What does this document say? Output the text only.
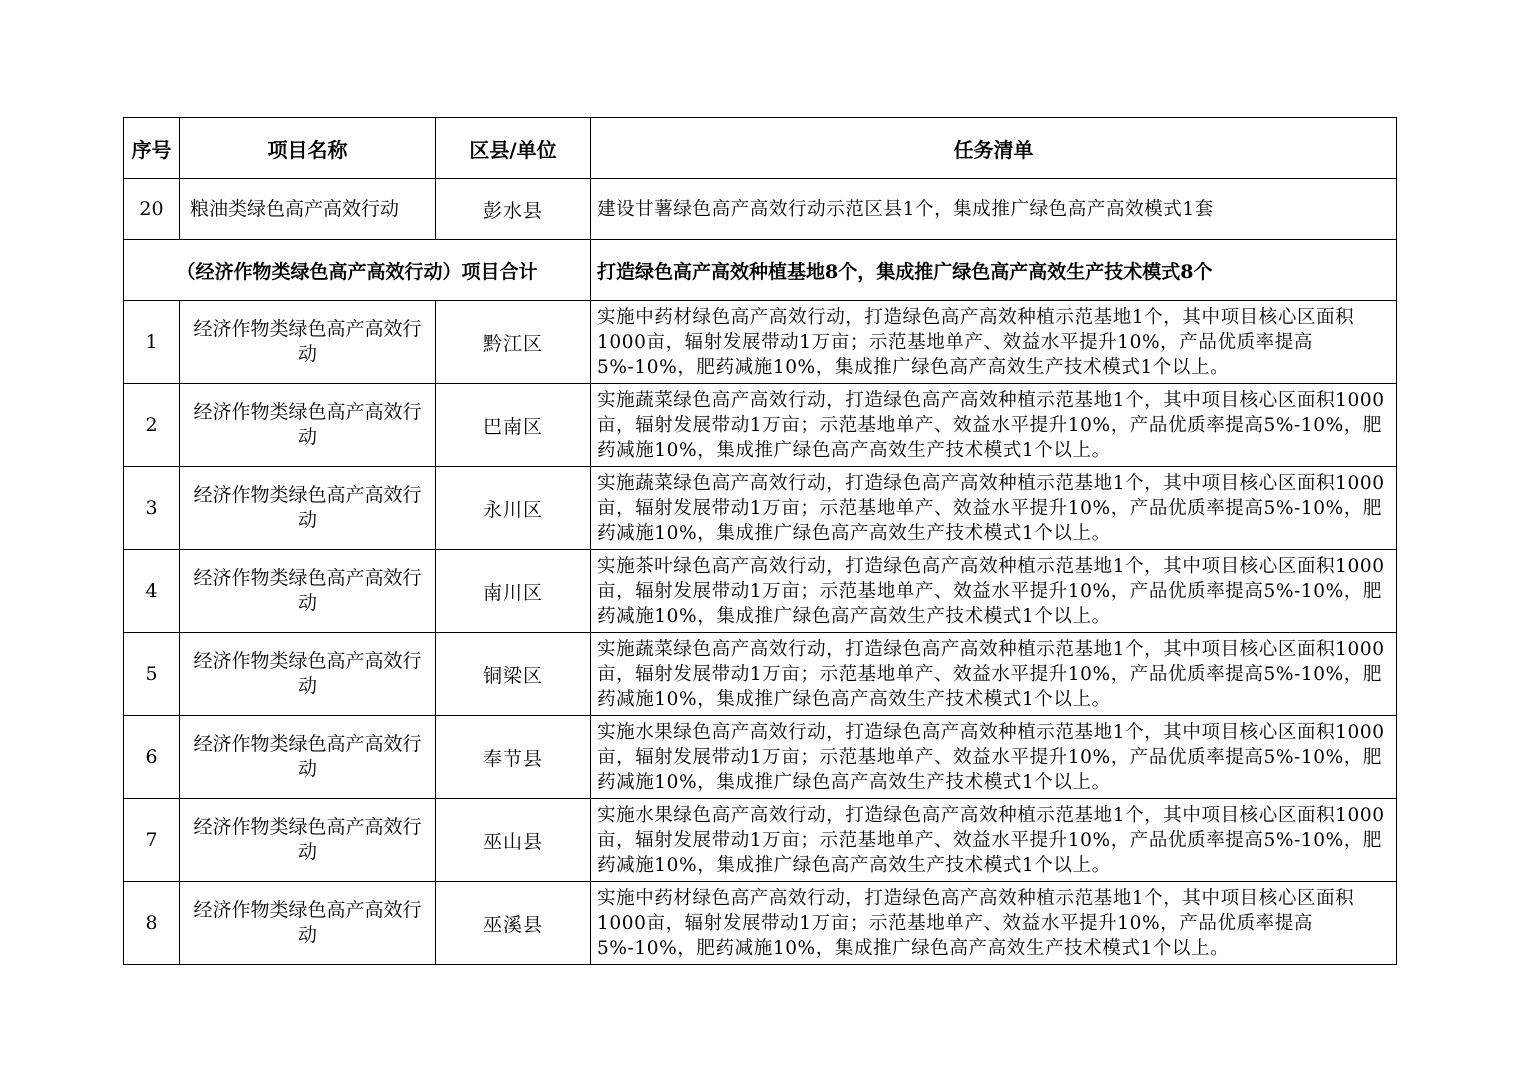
序号	项目名称	区县/单位	任务清单
20	粮油类绿色高产高效行动	彭水县	建设甘薯绿色高产高效行动示范区县1个，集成推广绿色高产高效模式1套
（经济作物类绿色高产高效行动）项目合计			打造绿色高产高效种植基地8个，集成推广绿色高产高效生产技术模式8个
1	经济作物类绿色高产高效行动	黔江区	实施中药材绿色高产高效行动，打造绿色高产高效种植示范基地1个，其中项目核心区面积1000亩，辐射发展带动1万亩；示范基地单产、效益水平提升10%，产品优质率提高5%-10%，肥药减施10%，集成推广绿色高产高效生产技术模式1个以上。
2	经济作物类绿色高产高效行动	巴南区	实施蔬菜绿色高产高效行动，打造绿色高产高效种植示范基地1个，其中项目核心区面积1000亩，辐射发展带动1万亩；示范基地单产、效益水平提升10%，产品优质率提高5%-10%，肥药减施10%，集成推广绿色高产高效生产技术模式1个以上。
3	经济作物类绿色高产高效行动	永川区	实施蔬菜绿色高产高效行动，打造绿色高产高效种植示范基地1个，其中项目核心区面积1000亩，辐射发展带动1万亩；示范基地单产、效益水平提升10%，产品优质率提高5%-10%，肥药减施10%，集成推广绿色高产高效生产技术模式1个以上。
4	经济作物类绿色高产高效行动	南川区	实施茶叶绿色高产高效行动，打造绿色高产高效种植示范基地1个，其中项目核心区面积1000亩，辐射发展带动1万亩；示范基地单产、效益水平提升10%，产品优质率提高5%-10%，肥药减施10%，集成推广绿色高产高效生产技术模式1个以上。
5	经济作物类绿色高产高效行动	铜梁区	实施蔬菜绿色高产高效行动，打造绿色高产高效种植示范基地1个，其中项目核心区面积1000亩，辐射发展带动1万亩；示范基地单产、效益水平提升10%，产品优质率提高5%-10%，肥药减施10%，集成推广绿色高产高效生产技术模式1个以上。
6	经济作物类绿色高产高效行动	奉节县	实施水果绿色高产高效行动，打造绿色高产高效种植示范基地1个，其中项目核心区面积1000亩，辐射发展带动1万亩；示范基地单产、效益水平提升10%，产品优质率提高5%-10%，肥药减施10%，集成推广绿色高产高效生产技术模式1个以上。
7	经济作物类绿色高产高效行动	巫山县	实施水果绿色高产高效行动，打造绿色高产高效种植示范基地1个，其中项目核心区面积1000亩，辐射发展带动1万亩；示范基地单产、效益水平提升10%，产品优质率提高5%-10%，肥药减施10%，集成推广绿色高产高效生产技术模式1个以上。
8	经济作物类绿色高产高效行动	巫溪县	实施中药材绿色高产高效行动，打造绿色高产高效种植示范基地1个，其中项目核心区面积1000亩，辐射发展带动1万亩；示范基地单产、效益水平提升10%，产品优质率提高5%-10%，肥药减施10%，集成推广绿色高产高效生产技术模式1个以上。
